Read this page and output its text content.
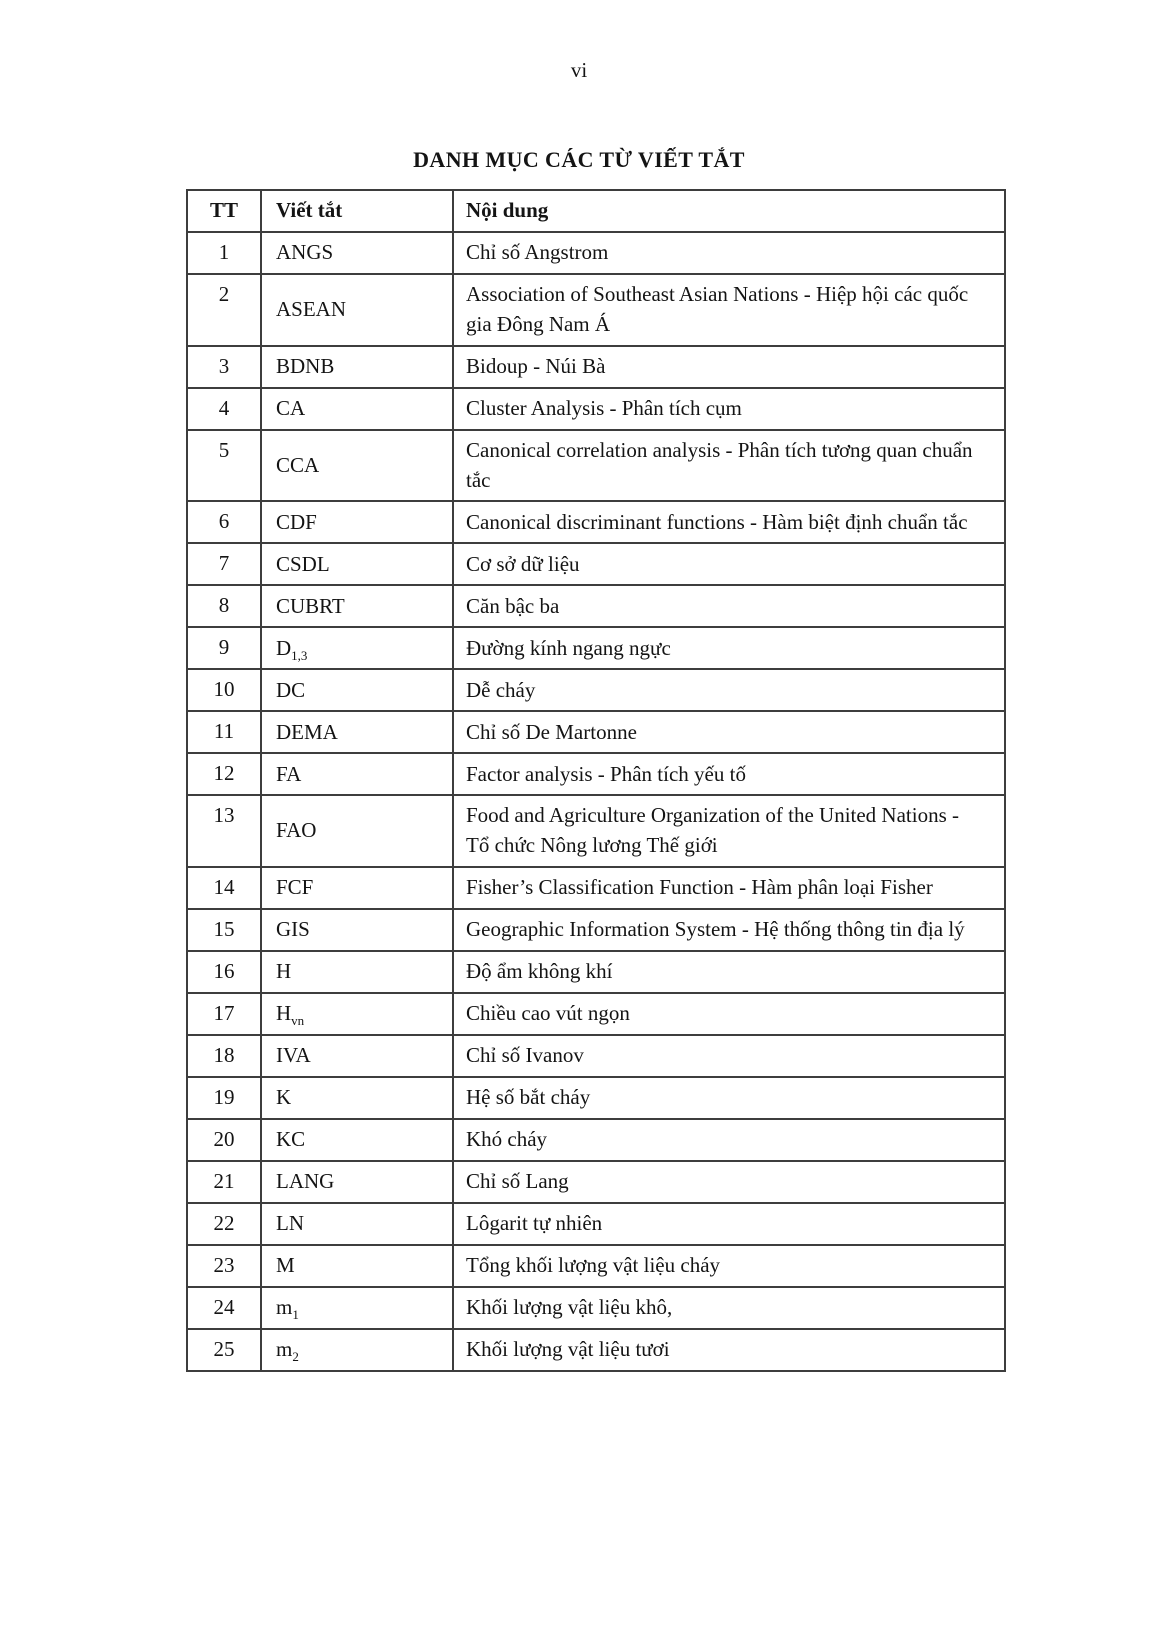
vi
DANH MỤC CÁC TỪ VIẾT TẮT
TT	Viết tắt	Nội dung
1	ANGS	Chỉ số Angstrom
2	ASEAN	Association of Southeast Asian Nations - Hiệp hội các quốc gia Đông Nam Á
3	BDNB	Bidoup - Núi Bà
4	CA	Cluster Analysis - Phân tích cụm
5	CCA	Canonical correlation analysis - Phân tích tương quan chuẩn tắc
6	CDF	Canonical discriminant functions - Hàm biệt định chuẩn tắc
7	CSDL	Cơ sở dữ liệu
8	CUBRT	Căn bậc ba
9	$D_{1,3}$	Đường kính ngang ngực
10	DC	Dễ cháy
11	DEMA	Chỉ số De Martonne
12	FA	Factor analysis - Phân tích yếu tố
13	FAO	Food and Agriculture Organization of the United Nations - Tổ chức Nông lương Thế giới
14	FCF	Fisher’s Classification Function - Hàm phân loại Fisher
15	GIS	Geographic Information System - Hệ thống thông tin địa lý
16	H	Độ ẩm không khí
17	$H_{vn}$	Chiều cao vút ngọn
18	IVA	Chỉ số Ivanov
19	K	Hệ số bắt cháy
20	KC	Khó cháy
21	LANG	Chỉ số Lang
22	LN	Lôgarit tự nhiên
23	M	Tổng khối lượng vật liệu cháy
24	$m_1$	Khối lượng vật liệu khô,
25	$m_2$	Khối lượng vật liệu tươi
